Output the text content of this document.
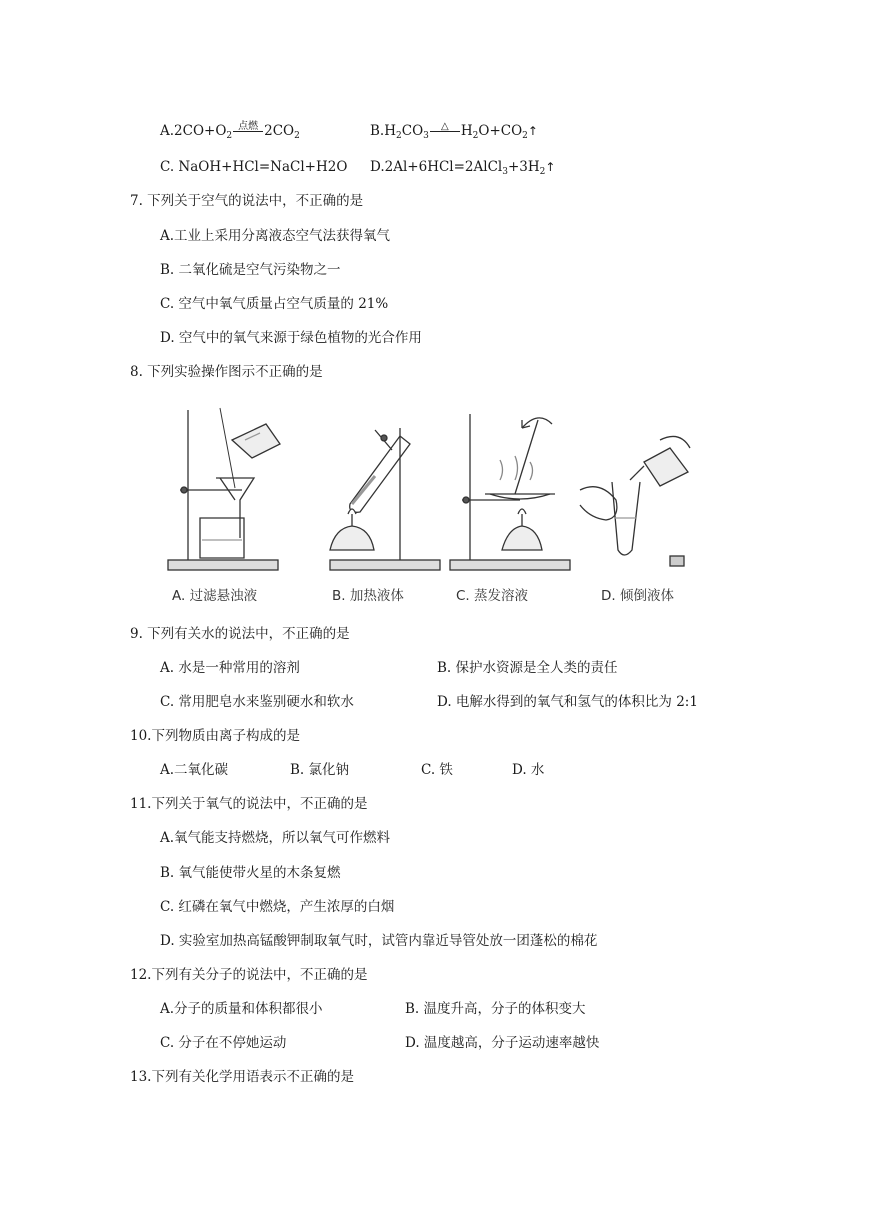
$A.2CO+O_2$
点燃 $2CO_2$	$B.H_2CO_3$
△ $H_2O+CO_2↑$
C. NaOH+HCl=NaCl+H2O $D.2Al+6HCl=2AlCl_3+3H_2↑$
7. 下列关于空气的说法中，不正确的是
A.工业上采用分离液态空气法获得氧气
B. 二氧化硫是空气污染物之一
C. 空气中氧气质量占空气质量的 21%
D. 空气中的氧气来源于绿色植物的光合作用
8. 下列实验操作图示不正确的是
A. 过滤悬浊液	B. 加热液体	C. 蒸发溶液	D. 倾倒液体
9. 下列有关水的说法中，不正确的是
A. 水是一种常用的溶剂	B. 保护水资源是全人类的责任
C. 常用肥皂水来鉴别硬水和软水	D. 电解水得到的氧气和氢气的体积比为 2:1
10.下列物质由离子构成的是
A.二氧化碳	B. 氯化钠	C. 铁	D. 水
11.下列关于氧气的说法中，不正确的是
A.氧气能支持燃烧，所以氧气可作燃料
B. 氧气能使带火星的木条复燃
C. 红磷在氧气中燃烧，产生浓厚的白烟
D. 实验室加热高锰酸钾制取氧气时，试管内靠近导管处放一团蓬松的棉花
12.下列有关分子的说法中，不正确的是
A.分子的质量和体积都很小	B. 温度升高，分子的体积变大
C. 分子在不停她运动	D. 温度越高，分子运动速率越快
13.下列有关化学用语表示不正确的是
